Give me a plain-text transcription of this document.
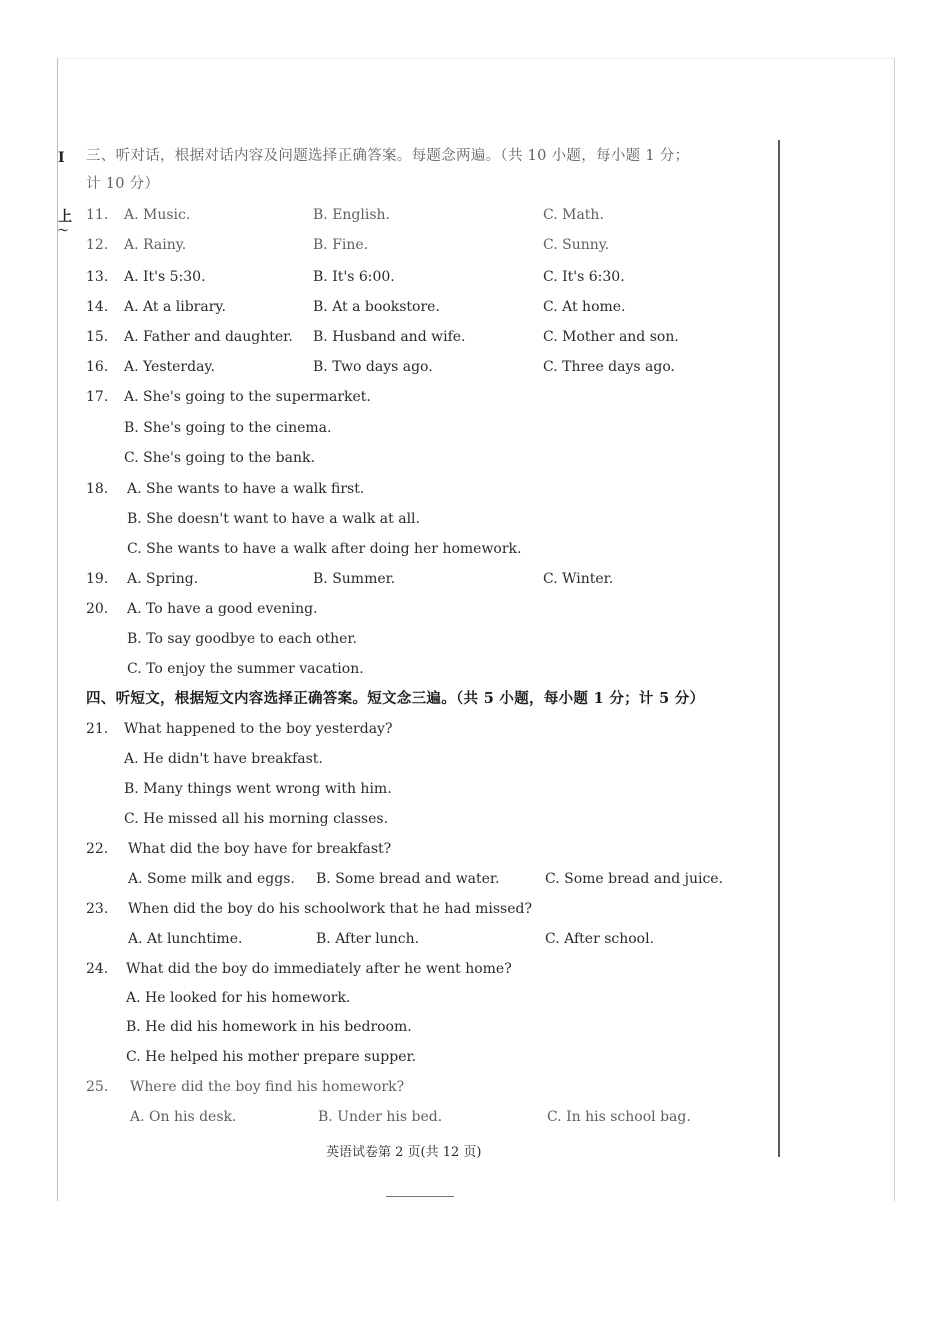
Ⅰ
上
～
三、听对话，根据对话内容及问题选择正确答案。每题念两遍。（共 10 小题，每小题 1 分；
计 10 分）
11. A. Music.	B. English.	C. Math.
12. A. Rainy.	B. Fine.	C. Sunny.
13. A. It's 5:30.	B. It's 6:00.	C. It's 6:30.
14. A. At a library.	B. At a bookstore.	C. At home.
15. A. Father and daughter. B. Husband and wife.	C. Mother and son.
16. A. Yesterday.	B. Two days ago.	C. Three days ago.
17. A. She's going to the supermarket.
B. She's going to the cinema.
C. She's going to the bank.
18. A. She wants to have a walk first.
B. She doesn't want to have a walk at all.
C. She wants to have a walk after doing her homework.
19. A. Spring.	B. Summer.	C. Winter.
20. A. To have a good evening.
B. To say goodbye to each other.
C. To enjoy the summer vacation.
四、听短文，根据短文内容选择正确答案。短文念三遍。（共 5 小题，每小题 1 分；计 5 分）
21. What happened to the boy yesterday?
A. He didn't have breakfast.
B. Many things went wrong with him.
C. He missed all his morning classes.
22. What did the boy have for breakfast?
A. Some milk and eggs. B. Some bread and water.	C. Some bread and juice.
23. When did the boy do his schoolwork that he had missed?
A. At lunchtime.	B. After lunch.	C. After school.
24. What did the boy do immediately after he went home?
A. He looked for his homework.
B. He did his homework in his bedroom.
C. He helped his mother prepare supper.
25. Where did the boy find his homework?
A. On his desk.	B. Under his bed.	C. In his school bag.
英语试卷第 2 页(共 12 页)
